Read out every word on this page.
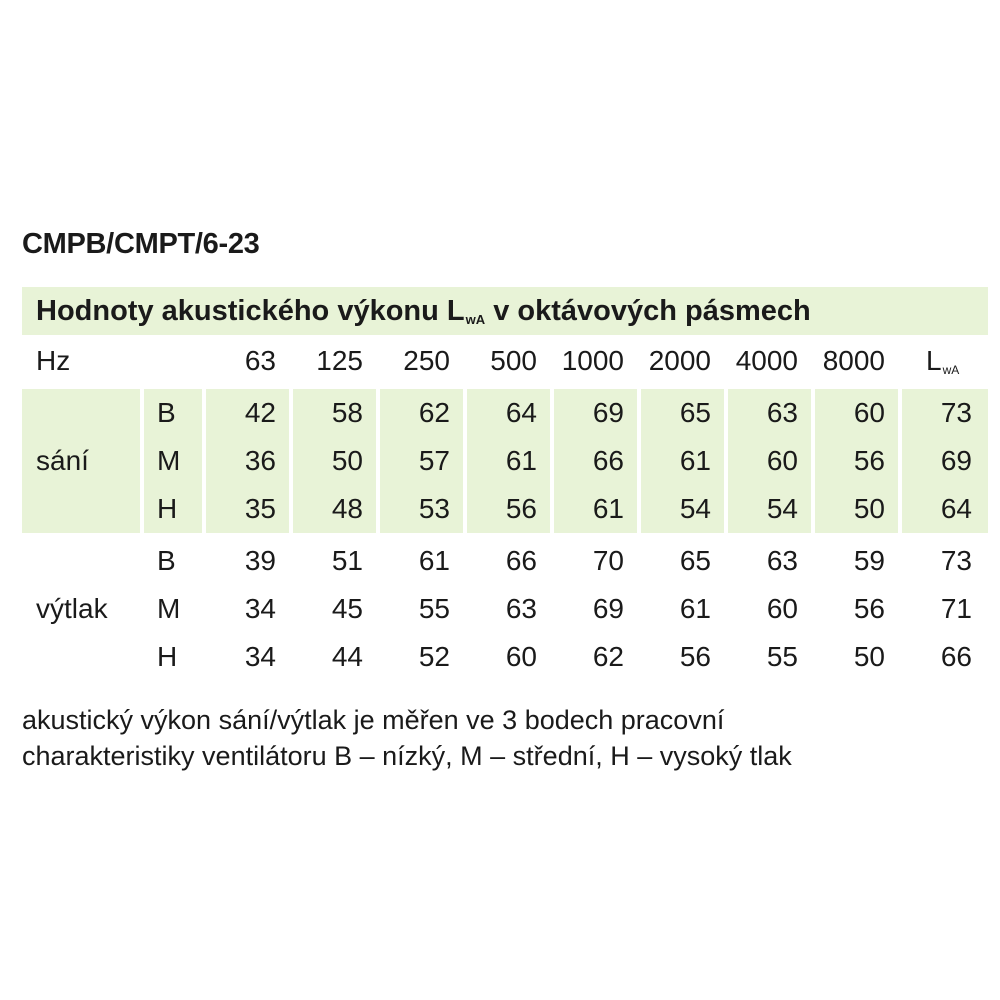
CMPB/CMPT/6-23
Hodnoty akustického výkonu LwA v oktávových pásmech
Hz	63	125	250	500 1000 2000 4000 8000 LwA
sání
B	42	58	62	64	69	65	63	60	73
M	36	50	57	61	66	61	60	56	69
H	35	48	53	56	61	54	54	50	64
výtlak
B	39	51	61	66	70	65	63	59	73
M	34	45	55	63	69	61	60	56	71
H	34	44	52	60	62	56	55	50	66
akustický výkon sání/výtlak je měřen ve 3 bodech pracovní
charakteristiky ventilátoru B – nízký, M – střední, H – vysoký tlak
